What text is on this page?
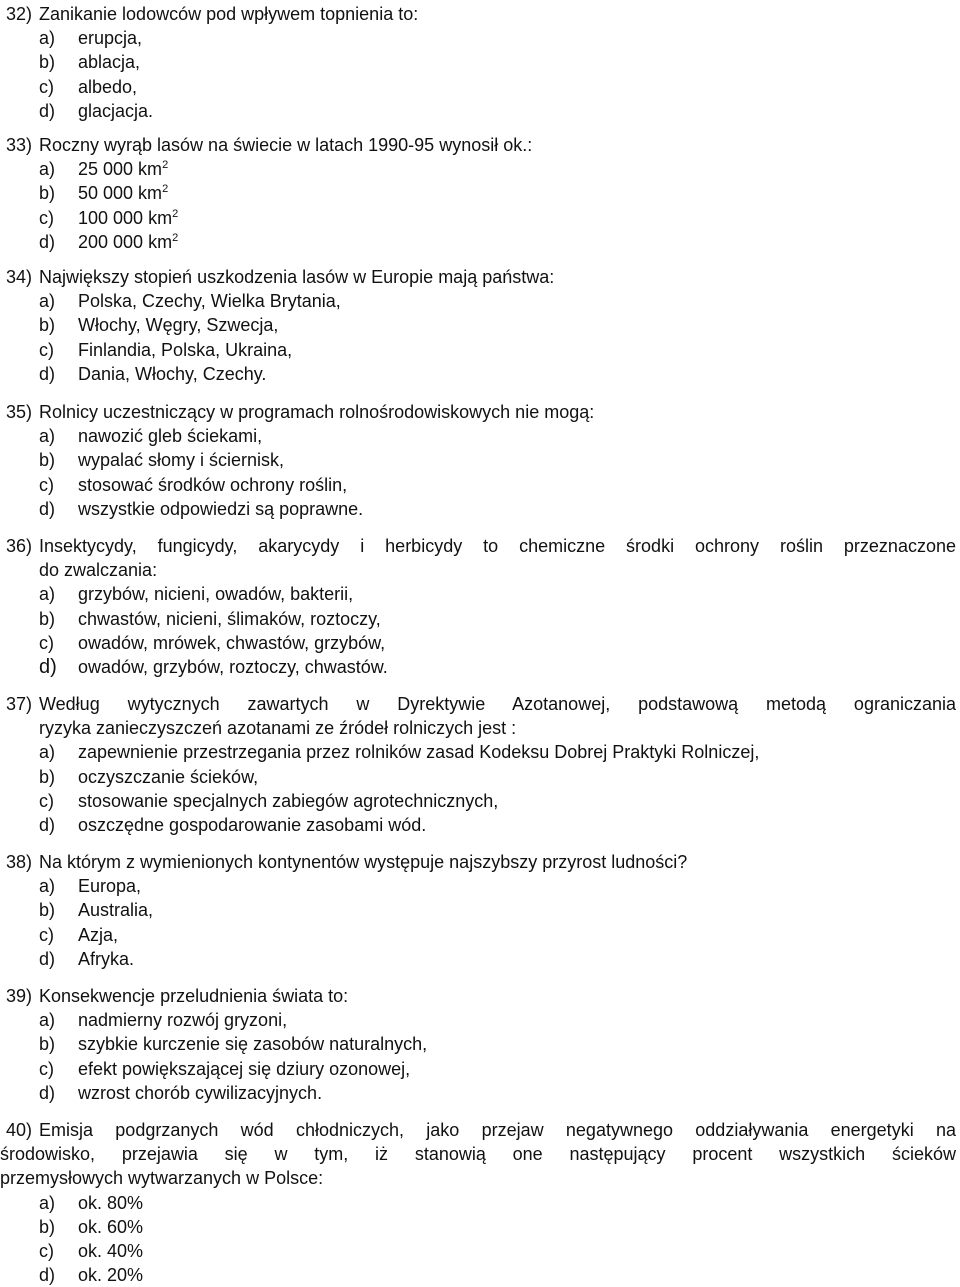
32) Zanikanie lodowców pod wpływem topnienia to:
a) erupcja,
b) ablacja,
c) albedo,
d) glacjacja.
33) Roczny wyrąb lasów na świecie w latach 1990-95 wynosił ok.:
a) 25 000 $km^2$
b) 50 000 $km^2$
c) 100 000 $km^2$
d) 200 000 $km^2$
34) Największy stopień uszkodzenia lasów w Europie mają państwa:
a) Polska, Czechy, Wielka Brytania,
b) Włochy, Węgry, Szwecja,
c) Finlandia, Polska, Ukraina,
d) Dania, Włochy, Czechy.
35) Rolnicy uczestniczący w programach rolnośrodowiskowych nie mogą:
a) nawozić gleb ściekami,
b) wypalać słomy i ściernisk,
c) stosować środków ochrony roślin,
d) wszystkie odpowiedzi są poprawne.
36) Insektycydy, fungicydy, akarycydy i herbicydy to chemiczne środki ochrony roślin przeznaczone
do zwalczania:
a) grzybów, nicieni, owadów, bakterii,
b) chwastów, nicieni, ślimaków, roztoczy,
c) owadów, mrówek, chwastów, grzybów,
d) owadów, grzybów, roztoczy, chwastów.
37) Według wytycznych zawartych w Dyrektywie Azotanowej, podstawową metodą ograniczania
ryzyka zanieczyszczeń azotanami ze źródeł rolniczych jest :
a) zapewnienie przestrzegania przez rolników zasad Kodeksu Dobrej Praktyki Rolniczej,
b) oczyszczanie ścieków,
c) stosowanie specjalnych zabiegów agrotechnicznych,
d) oszczędne gospodarowanie zasobami wód.
38) Na którym z wymienionych kontynentów występuje najszybszy przyrost ludności?
a) Europa,
b) Australia,
c) Azja,
d) Afryka.
39) Konsekwencje przeludnienia świata to:
a) nadmierny rozwój gryzoni,
b) szybkie kurczenie się zasobów naturalnych,
c) efekt powiększającej się dziury ozonowej,
d) wzrost chorób cywilizacyjnych.
40) Emisja podgrzanych wód chłodniczych, jako przejaw negatywnego oddziaływania energetyki na
środowisko, przejawia się w tym, iż stanowią one następujący procent wszystkich ścieków
przemysłowych wytwarzanych w Polsce:
a) ok. 80%
b) ok. 60%
c) ok. 40%
d) ok. 20%
